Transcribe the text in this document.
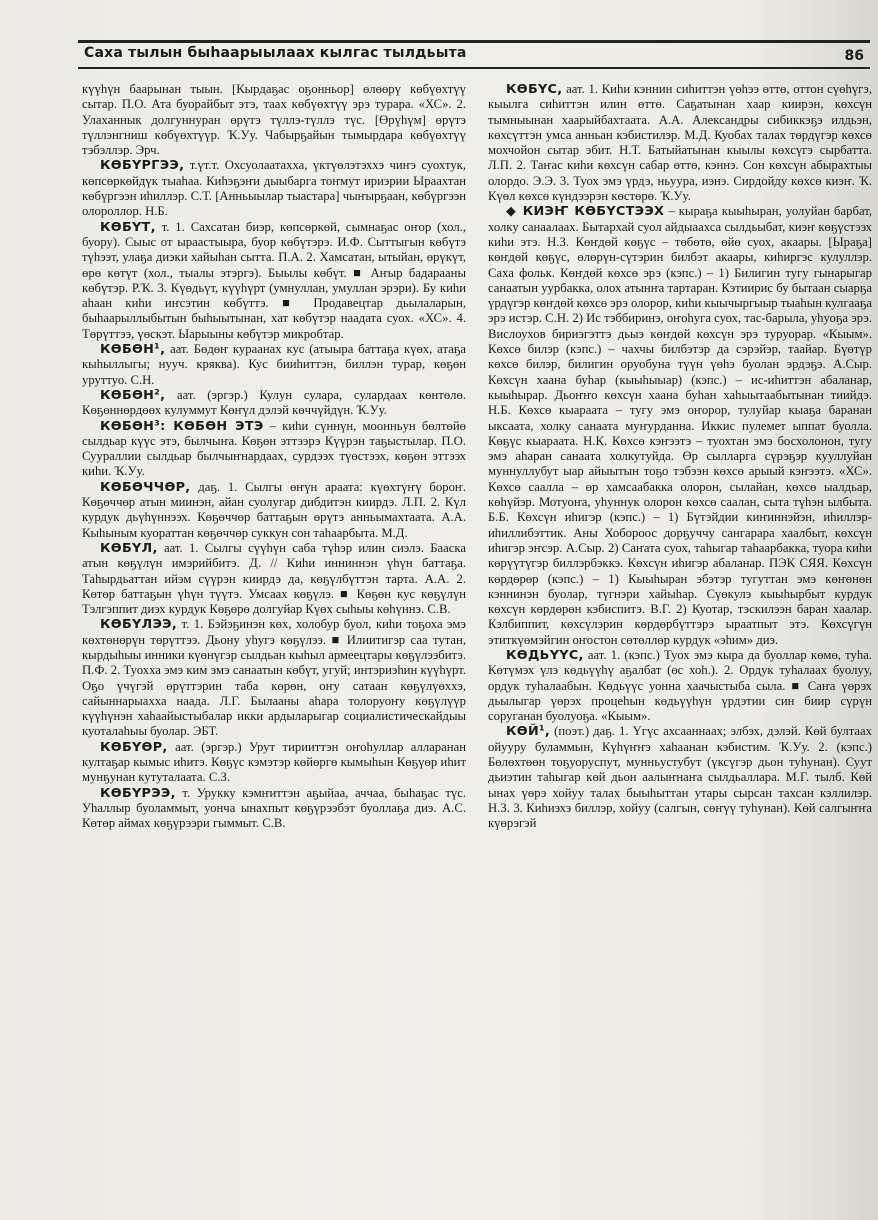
Саха тылын быһаарыылаах кылгас тылдьыта	86

күүһүн баарынан тыын. [Кырдаҕас оҕонньор] өлөөрү көбүөхтүү сытар. П.О. Ата буорайбыт этэ, таах көбүөхтүү эрэ турара. «ХС». 2. Улаханнык долгуннуран өрүтэ түллэ-түллэ түс. [Өрүһүм] өрүтэ түллэнгниш көбүөхтүүр. Ҡ.Уу. Чабырҕайын тымырдара көбүөхтүү тэбэллэр. Эрч.

КӨБҮРГЭЭ, т.үт.т. Охсуолаатахха, үктүөлэтэххэ чиҥэ суохтук, көпсөркөйдүк тыаһаа. Киһэҕэҥи дыыбарга тоҥмут ириэрии Ыраахтан көбүргээн иһиллэр. С.Т. [Анньыылар тыастара] чыҥырҕаан, көбүргээн олороллор. Н.Б.

КӨБҮТ, т. 1. Сахсатан биэр, көпсөркөй, сымнаҕас оҥор (хол., буору). Сыыс от ыраастыыра, буор көбүтэрэ. И.Ф. Сыттыгын көбүтэ түһээт, улаҕа диэки хайыһан сытта. П.А. 2. Хамсатан, ытыйан, өрүкүт, өрө көтүт (хол., тыалы этэргэ). Быылы көбүт. ■ Аҥыр бадарааны көбүтэр. Р.Ҡ. 3. Күөдьүт, күүһүрт (умнуллан, умуллан эрэри). Бу киһи аһаан киһи иҥсэтин көбүттэ. ■ Продавецтар дьылаларын, быһаарыллыбытын быһыытынан, хат көбүтэр наадата суох. «ХС». 4. Төрүттээ, үөскэт. Ыарыыны көбүтэр микробтар.

КӨБӨН¹, аат. Бөдөҥ кураанах кус (атыыра баттаҕа күөх, атаҕа кыһыллыгы; нууч. кряква). Кус бииһиттэн, биллэн турар, көҕөн уруттуо. С.Н.

КӨБӨН², аат. (эргэр.) Кулун сулара, сулардаах көнтөлө. Көҕөннөрдөөх кулуммут Көҥүл дэлэй көччүйдүн. Ҡ.Уу.

КӨБӨН³: КӨБӨН ЭТЭ – киһи сүннүн, моонньун бөлтөйө сылдьар күүс этэ, былчыҥа. Көҕөн эттээрэ Күүрэн таҕыстылар. П.О. Суураллии сылдьар былчыҥнардаах, сурдээх түөстээх, көҕөн эттээх киһи. Ҡ.Уу.

КӨБӨЧЧӨР, даҕ. 1. Сылгы өҥүн араата: күөхтүҥү бороҥ. Көҕөччөр атын миинэн, айан суолугар дибдитэн киирдэ. Л.П. 2. Күл курдук дьүһүннээх. Көҕөччөр баттаҕын өрүтэ анньымахтаата. А.А. Кыһыным куораттан көҕөччөр суккун сон таһаарбыта. М.Д.

КӨБҮЛ, аат. 1. Сылгы сүүһүн саба түһэр илин сиэлэ. Бааска атын көҕүлүн имэрийбитэ. Д. // Киһи инниннэн үһүн баттаҕа. Таһырдьаттан ийэм сүүрэн киирдэ да, көҕүлбүттэн тарта. А.А. 2. Көтөр баттаҕын үһүн түүтэ. Умсаах көҕүлэ. ■ Көҕөн кус көҕүлүн Тэлгэппит диэх курдук Көҕөрө долгуйар Күөх сыһыы көһүннэ. С.В.

КӨБҮЛЭЭ, т. 1. Бэйэҕинэн көх, холобур буол, киһи тоҕоха эмэ көхтөнөрүн төрүттээ. Дьону уһугэ көҕүлээ. ■ Илиитигэр саа тутан, кырдыһыы инники күөнүгэр сылдьан кыһыл армеецтары көҕүлээбитэ. П.Ф. 2. Туохха эмэ ким эмэ санаатын көбүт, угуй; интэриэһин күүһүрт. Оҕо үчүгэй өрүттэрин таба көрөн, оҥу сатаан көҕүлүөххэ, сайыннарыахха наада. Л.Г. Былааны аһара толоруоҥу көҕүлүүр күүһүнэн хаһаайыстыбалар икки ардыларыгар социалистическайдыы куоталаһыы буолар. ЭБТ.

КӨБҮӨР, аат. (эргэр.) Урут тирииттэн оҥоһуллар алларанан култаҕар кымыс иһитэ. Көҕүс кэмэтэр көйөргө кымыһын Көҕүөр иһит мунҕунан кутуталаата. С.З.

КӨБҮРЭЭ, т. Урукку кэмҥиттэн аҕыйаа, аччаа, быһаҕас түс. Уһаллыр буоламмыт, уонча ынахпыт көҕүрээбэт буоллаҕа диэ. А.С. Көтөр аймах көҕүрээри гыммыт. С.В.

КӨБҮС, аат. 1. Киһи кэннин сиһиттэн үөһээ өттө, оттон сүөһүгэ, кыылга сиһиттэн илин өттө. Саҕатынан хаар киирэн, көхсүн тымныынан хаарыйбахтаата. А.А. Александры сибиккэҕэ илдьэн, көхсүттэн умса анньан кэбистилэр. М.Д. Куобах талах төрдүгэр көхсө мохчойон сытар эбит. Н.Т. Батыйатынан кыылы көхсүгэ сырбатта. Л.П. 2. Таҥас киһи көхсүн сабар өттө, кэннэ. Сон көхсүн абырахтыы олордо. Э.Э. 3. Туох эмэ үрдэ, ньуура, иэнэ. Сирдойду көхсө киэҥ. Ҡ. Күөл көхсө күндээрэн көстөрө. Ҡ.Уу.

◆ КИЭҤ КӨБҮСТЭЭХ – кыраҕа кыыһыран, уолуйан барбат, холку санаалаах. Бытархай суол айдыаахса сылдьыбат, киэҥ көҕүстээх киһи этэ. Н.З. Көҥдөй көҕүс – төбөтө, өйө суох, акаары. [Ыраҕа] көҥдөй көҕүс, өлөрүн-сүтэрин билбэт акаары, киһиргэс кулуллэр. Саха фольк. Көҥдөй көхсө эрэ (кэпс.) – 1) Билигин тугу гынарыгар санаатын уурбакка, олох атынҥа тартаран. Кэтиириc бу бытаан сыарҕа үрдүгэр көҥдөй көхсө эрэ олорор, киһи кыычыргыыр тыаһын кулгааҕа эрэ истэр. С.Н. 2) Ис тэббиринэ, оҥоһуга суох, тас-барыла, уһуоҕа эрэ. Вислоухов бириэгэттэ дьыэ көҥдөй көхсүн эрэ туруорар. «Кыым». Көхсө билэр (кэпс.) – чахчы билбэтэр да сэрэйэр, таайар. Бүөтүр көхсө билэр, билигин оруобуна түүн үөһэ буолан эрдэҕэ. А.Сыр. Көхсүн хаана буһар (кыыһыыар) (кэпс.) – ис-иһиттэн абаланар, кыыһырар. Дьоҥҥо көхсүн хаана буһан хаһыытаабытынан тиийдэ. Н.Б. Көхсө кыараата – тугу эмэ оҥорор, тулуйар кыаҕа баранан ыксаата, холку санаата муҥурданна. Иккис пулемет ыппат буолла. Көҕүс кыараата. Н.К. Көхсө кэҥээтэ – туохтан эмэ босхолонон, тугу эмэ аһаран санаата холкутуйда. Өр сылларга сүрэҕэр кууллуйан муннуллубут ыар айыытын тоҕо тэбээн көхсө арыый кэҥээтэ. «ХС». Көхсө саалла – өр хамсаабакка олорон, сылайан, көхсө ыалдьар, көһүйэр. Мотуоҥа, уһуннук олорон көхсө саалан, сыта түһэн ылбыта. Б.Б. Көхсүн иһигэр (кэпс.) – 1) Бүтэйдии киҥиннэйэн, иһиллэр-иһиллибэттик. Аны Хобороос дорҕуччу сангарара хаалбыт, көхсүн иһигэр эҥсэр. А.Сыр. 2) Саҥата суох, таһыгар таһаарбакка, туора киһи көрүүтүгэр биллэрбэккэ. Көхсүн иһигэр абаланар. ПЭК СЯЯ. Көхсүн көрдөрөр (кэпс.) – 1) Кыыһыран эбэтэр тугуттан эмэ көҥөнөн кэннинэн буолар, түгнэри хайыһар. Сүөкулэ кыыһырбыт курдук көхсүн көрдөрөн кэбиспитэ. В.Г. 2) Куотар, тэскилээн баран хаалар. Кэлбиппит, көхсүлэрин көрдөрбүттэрэ ыраатпыт этэ. Көхсүгүн этиткүөмэйгин оҥостон сөтөллөр курдук «эһим» диэ.

КӨДЬҮҮС, аат. 1. (кэпс.) Туох эмэ кыра да буоллар көмө, туһа. Көтүмэх үлэ көдьүүһү аҕалбат (өс хоһ.). 2. Ордук туһалаах буолуу, ордук туһалаабын. Көдьүүс уонна хаачыстыба сыла. ■ Саҥа үөрэх дьылыгар үөрэх процеһын көдьүүһүн үрдэтии син биир сүрүн соруганан буолуоҕа. «Кыым».

КӨЙ¹, (поэт.) даҕ. 1. Үгүс ахсааннаах; элбэх, дэлэй. Көй бултаах ойууру буламмын, Күһүҥҥэ хаһаанан кэбистим. Ҡ.Уу. 2. (кэпс.) Бөлөхтөөн тоҕуоруспут, мунньустубут (үксүгэр дьон туһунан). Суут дьиэтин таһыгар көй дьон аалыҥнаҥа сылдьаллара. М.Г. тылб. Көй ынах үөрэ хойуу талах быыһыттан утары сырсан тахсан кэллилэр. Н.З. 3. Киһиэхэ биллэр, хойуу (салгын, сөҥүү туһунан). Көй салгыҥҥа күөрэгэй
